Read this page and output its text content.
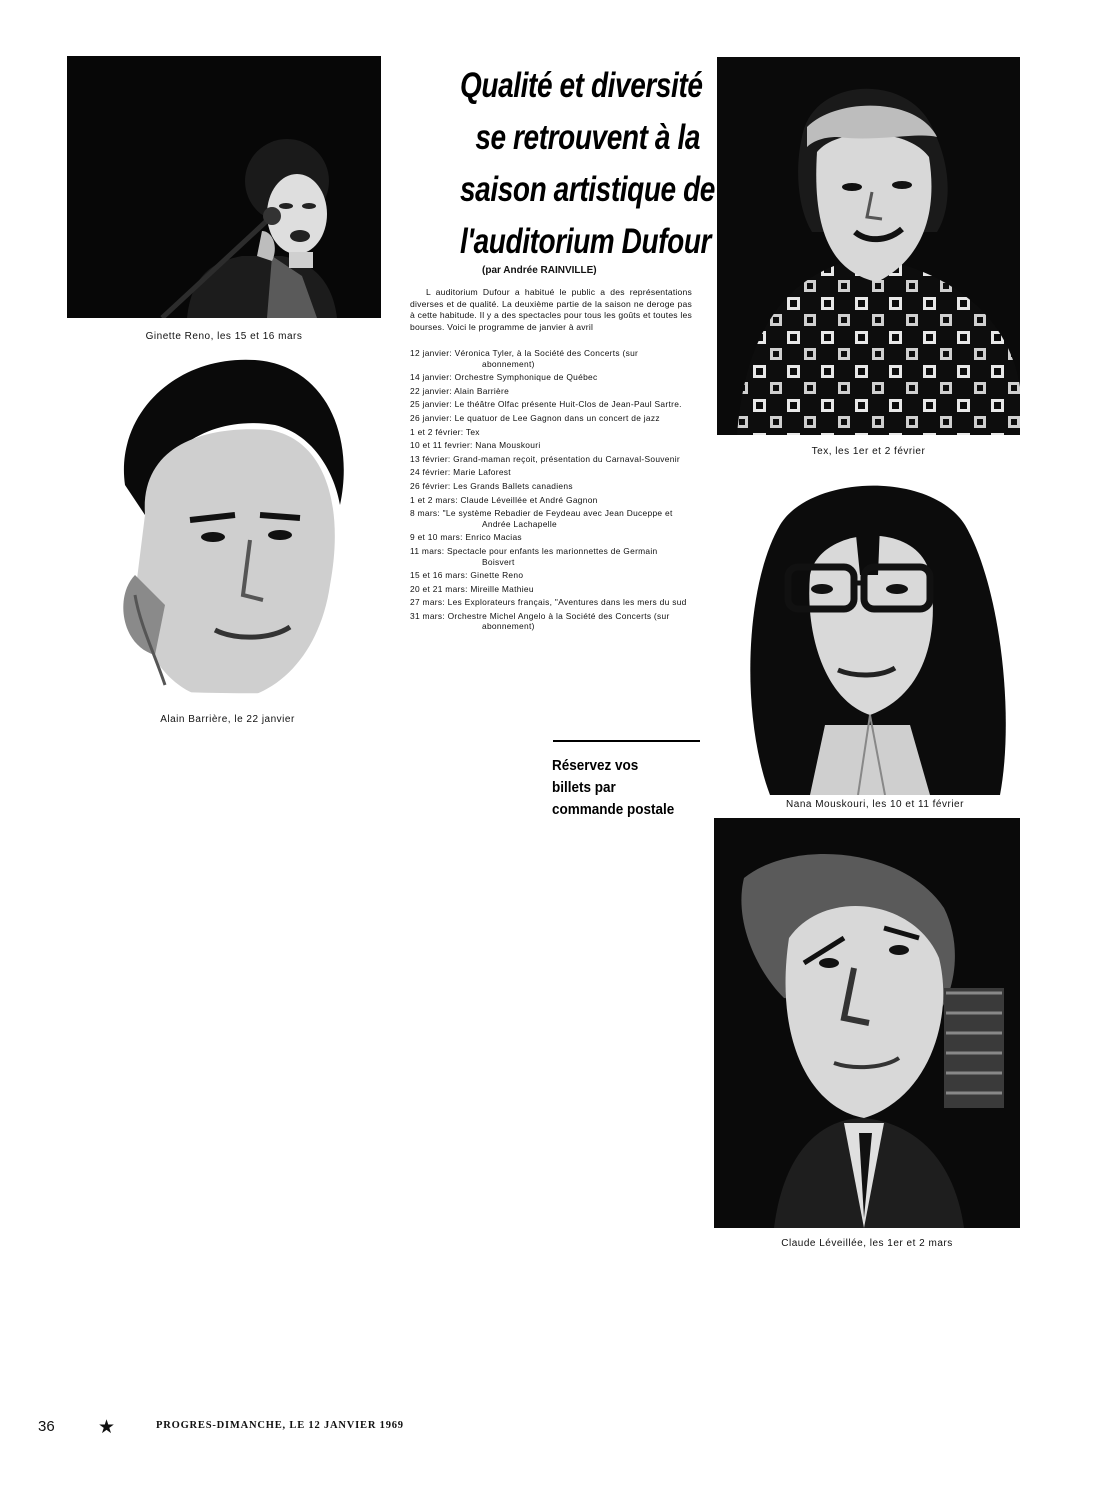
Ginette Reno, les 15 et 16 mars
Alain Barrière, le 22 janvier
Qualité et diversité
se retrouvent à la
saison artistique de
l'auditorium Dufour
(par Andrée RAINVILLE)
L auditorium Dufour a habitué le public a des représentations diverses et de qualité. La deuxième partie de la saison ne deroge pas à cette habitude. Il y a des spectacles pour tous les goûts et toutes les bourses. Voici le programme de janvier à avril
12 janvier: Véronica Tyler, à la Société des Concerts (sur abonnement)
14 janvier: Orchestre Symphonique de Québec
22 janvier: Alain Barrière
25 janvier: Le théâtre Olfac présente Huit-Clos de Jean-Paul Sartre.
26 janvier: Le quatuor de Lee Gagnon dans un concert de jazz
1 et 2 février: Tex
10 et 11 fevrier: Nana Mouskouri
13 février: Grand-maman reçoit, présentation du Carnaval-Souvenir
24 février: Marie Laforest
26 février: Les Grands Ballets canadiens
1 et 2 mars: Claude Léveillée et André Gagnon
8 mars: "Le système Rebadier de Feydeau avec Jean Duceppe et Andrée Lachapelle
9 et 10 mars: Enrico Macias
11 mars: Spectacle pour enfants les marionnettes de Germain Boisvert
15 et 16 mars: Ginette Reno
20 et 21 mars: Mireille Mathieu
27 mars: Les Explorateurs français, "Aventures dans les mers du sud
31 mars: Orchestre Michel Angelo à la Société des Concerts (sur abonnement)
Réservez vos
billets par
commande postale
Tex, les 1er et 2 février
Nana Mouskouri, les 10 et 11 février
Claude Léveillée, les 1er et 2 mars
36 ★	PROGRES-DIMANCHE, LE 12 JANVIER 1969
